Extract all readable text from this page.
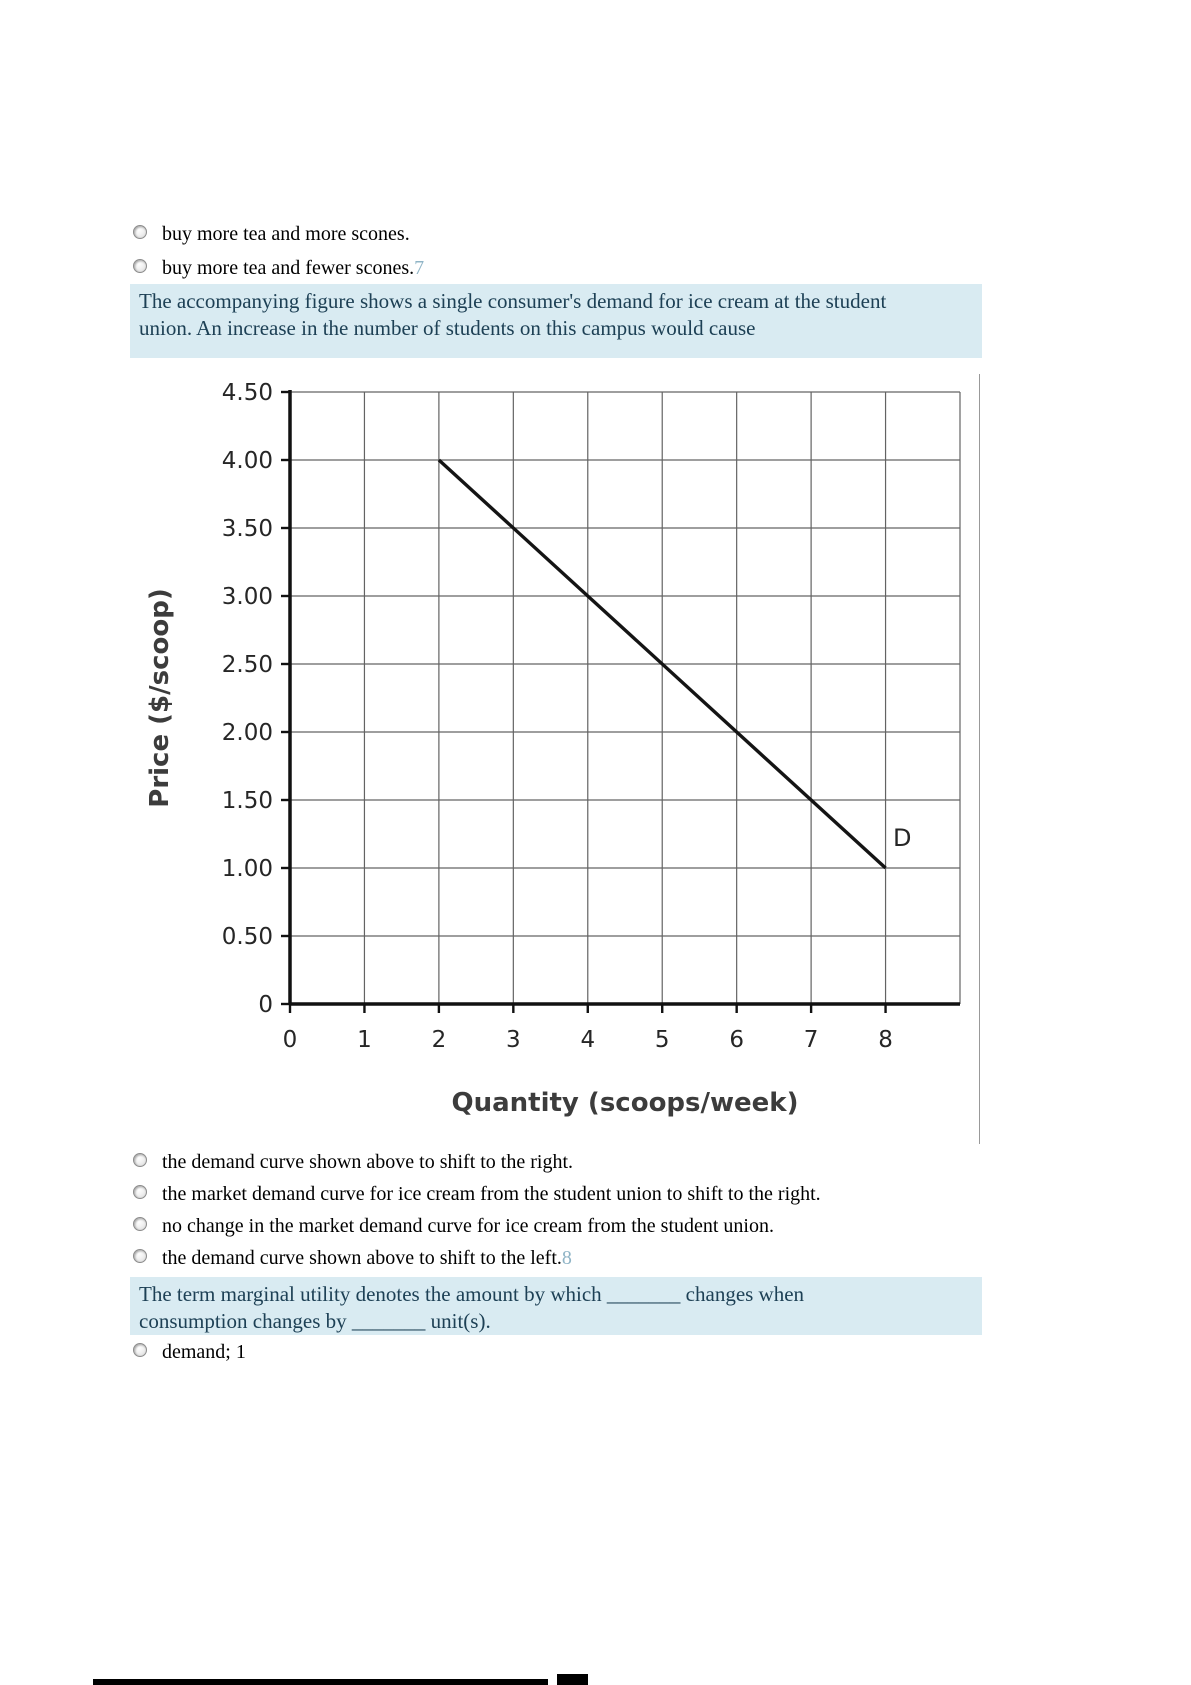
buy more tea and more scones.
buy more tea and fewer scones.7
The accompanying figure shows a single consumer's demand for ice cream at the student
union. An increase in the number of students on this campus would cause
0
0.50
1.00
1.50
2.00
2.50
3.00
3.50
4.00
4.50
0	1	2	3	4	5	6	7	8
D
Quantity (scoops/week)
Price ($/scoop)
the demand curve shown above to shift to the right.
the market demand curve for ice cream from the student union to shift to the right.
no change in the market demand curve for ice cream from the student union.
the demand curve shown above to shift to the left.8
The term marginal utility denotes the amount by which _______ changes when
consumption changes by _______ unit(s).
demand; 1
